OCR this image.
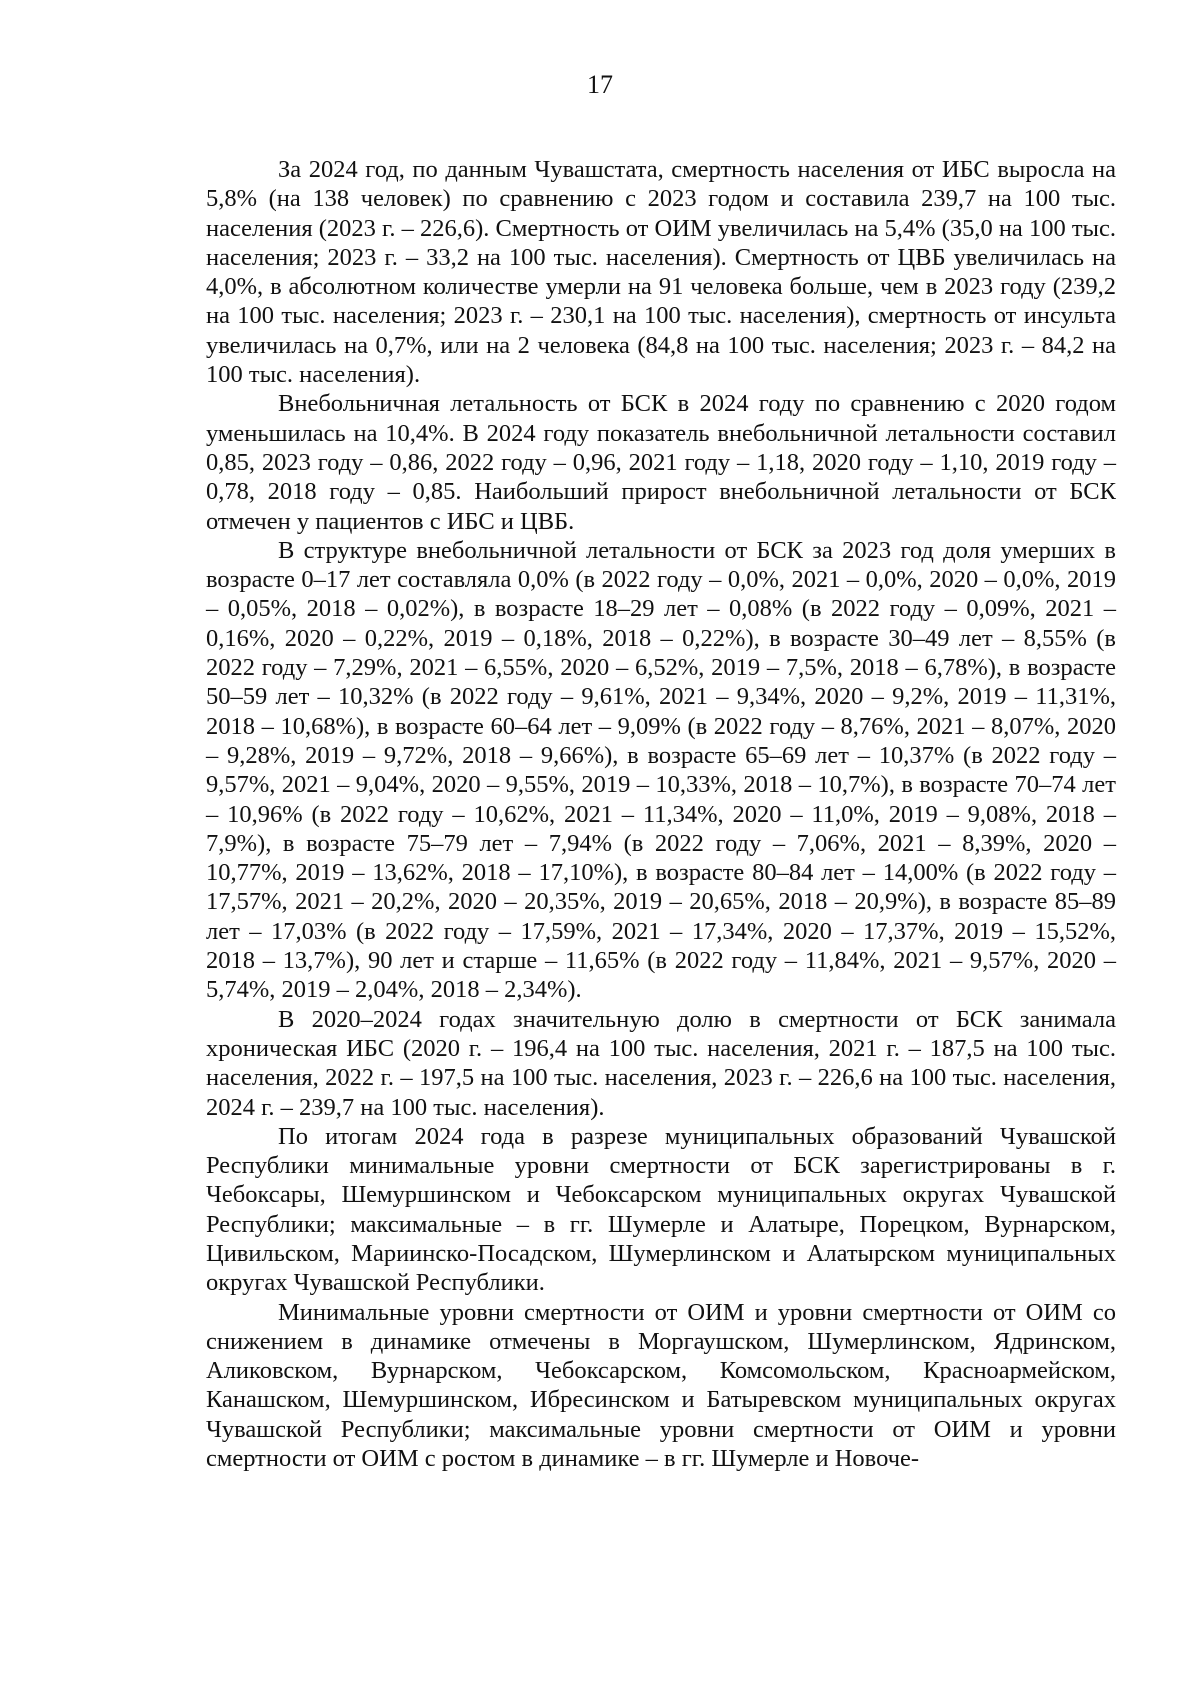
17

За 2024 год, по данным Чувашстата, смертность населения от ИБС выросла на 5,8% (на 138 человек) по сравнению с 2023 годом и составила 239,7 на 100 тыс. населения (2023 г. – 226,6). Смертность от ОИМ увеличилась на 5,4% (35,0 на 100 тыс. населения; 2023 г. – 33,2 на 100 тыс. населения). Смертность от ЦВБ увеличилась на 4,0%, в абсолютном количестве умерли на 91 человека больше, чем в 2023 году (239,2 на 100 тыс. населения; 2023 г. – 230,1 на 100 тыс. населения), смертность от инсульта увеличилась на 0,7%, или на 2 человека (84,8 на 100 тыс. населения; 2023 г. – 84,2 на 100 тыс. населения).

Внебольничная летальность от БСК в 2024 году по сравнению с 2020 годом уменьшилась на 10,4%. В 2024 году показатель внебольничной летальности составил 0,85, 2023 году – 0,86, 2022 году – 0,96, 2021 году – 1,18, 2020 году – 1,10, 2019 году – 0,78, 2018 году – 0,85. Наибольший прирост внебольничной летальности от БСК отмечен у пациентов с ИБС и ЦВБ.

В структуре внебольничной летальности от БСК за 2023 год доля умерших в возрасте 0–17 лет составляла 0,0% (в 2022 году – 0,0%, 2021 – 0,0%, 2020 – 0,0%, 2019 – 0,05%, 2018 – 0,02%), в возрасте 18–29 лет – 0,08% (в 2022 году – 0,09%, 2021 – 0,16%, 2020 – 0,22%, 2019 – 0,18%, 2018 – 0,22%), в возрасте 30–49 лет – 8,55% (в 2022 году – 7,29%, 2021 – 6,55%, 2020 – 6,52%, 2019 – 7,5%, 2018 – 6,78%), в возрасте 50–59 лет – 10,32% (в 2022 году – 9,61%, 2021 – 9,34%, 2020 – 9,2%, 2019 – 11,31%, 2018 – 10,68%), в возрасте 60–64 лет – 9,09% (в 2022 году – 8,76%, 2021 – 8,07%, 2020 – 9,28%, 2019 – 9,72%, 2018 – 9,66%), в возрасте 65–69 лет – 10,37% (в 2022 году – 9,57%, 2021 – 9,04%, 2020 – 9,55%, 2019 – 10,33%, 2018 – 10,7%), в возрасте 70–74 лет – 10,96% (в 2022 году – 10,62%, 2021 – 11,34%, 2020 – 11,0%, 2019 – 9,08%, 2018 – 7,9%), в возрасте 75–79 лет – 7,94% (в 2022 году – 7,06%, 2021 – 8,39%, 2020 – 10,77%, 2019 – 13,62%, 2018 – 17,10%), в возрасте 80–84 лет – 14,00% (в 2022 году – 17,57%, 2021 – 20,2%, 2020 – 20,35%, 2019 – 20,65%, 2018 – 20,9%), в возрасте 85–89 лет – 17,03% (в 2022 году – 17,59%, 2021 – 17,34%, 2020 – 17,37%, 2019 – 15,52%, 2018 – 13,7%), 90 лет и старше – 11,65% (в 2022 году – 11,84%, 2021 – 9,57%, 2020 – 5,74%, 2019 – 2,04%, 2018 – 2,34%).

В 2020–2024 годах значительную долю в смертности от БСК занимала хроническая ИБС (2020 г. – 196,4 на 100 тыс. населения, 2021 г. – 187,5 на 100 тыс. населения, 2022 г. – 197,5 на 100 тыс. населения, 2023 г. – 226,6 на 100 тыс. населения, 2024 г. – 239,7 на 100 тыс. населения).

По итогам 2024 года в разрезе муниципальных образований Чувашской Республики минимальные уровни смертности от БСК зарегистрированы в г. Чебоксары, Шемуршинском и Чебоксарском муниципальных округах Чувашской Республики; максимальные – в гг. Шумерле и Алатыре, Порецком, Вурнарском, Цивильском, Мариинско-Посадском, Шумерлинском и Алатырском муниципальных округах Чувашской Республики.

Минимальные уровни смертности от ОИМ и уровни смертности от ОИМ со снижением в динамике отмечены в Моргаушском, Шумерлинском, Ядринском, Аликовском, Вурнарском, Чебоксарском, Комсомольском, Красноармейском, Канашском, Шемуршинском, Ибресинском и Батыревском муниципальных округах Чувашской Республики; максимальные уровни смертности от ОИМ и уровни смертности от ОИМ с ростом в динамике – в гг. Шумерле и Новоче-
